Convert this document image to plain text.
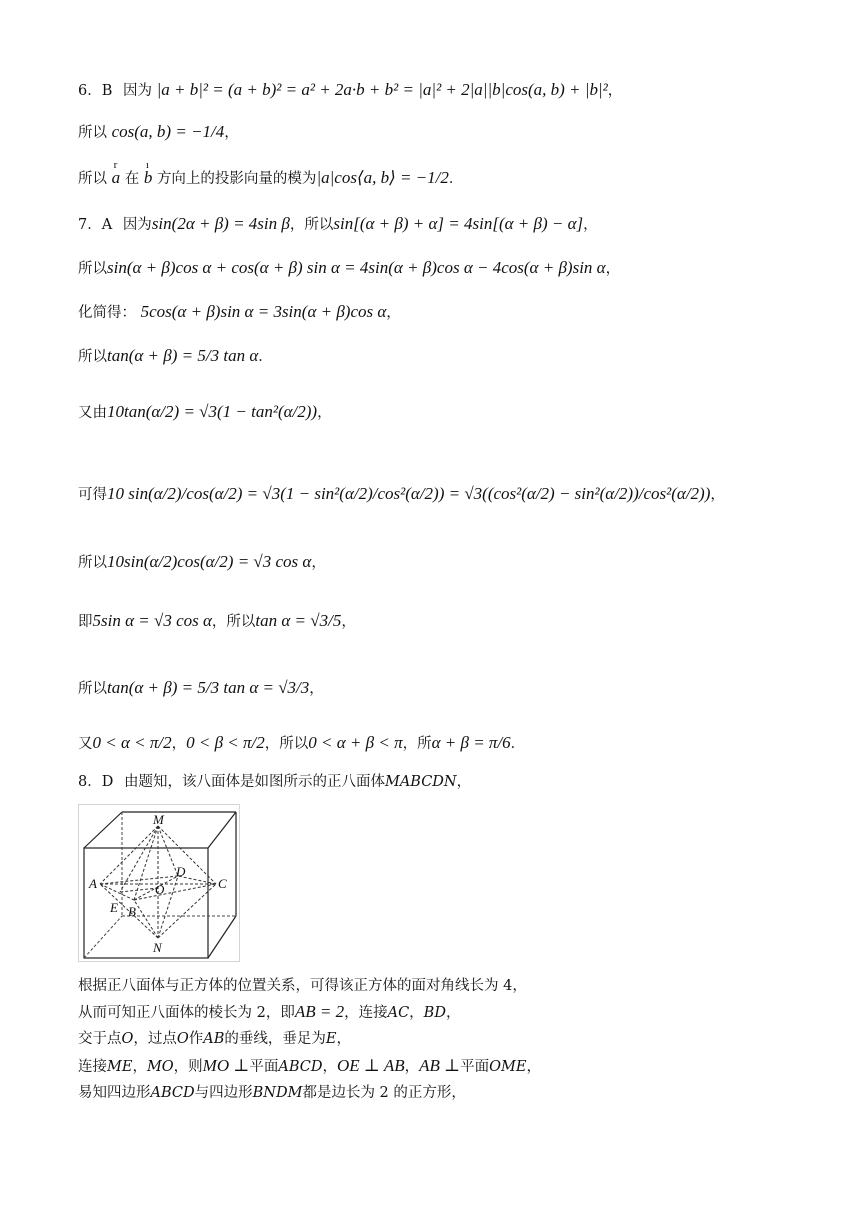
6．B 因为 |a + b|² = (a + b)² = a² + 2a·b + b² = |a|² + 2|a||b|cos(a, b) + |b|²，
所以 cos(a, b) = −1/4，
所以 r a 在 ı b 方向上的投影向量的模为|a|cos⟨a, b⟩ = −1/2．
7．A 因为sin(2α + β) = 4sin β，所以sin[(α + β) + α] = 4sin[(α + β) − α]，
所以sin(α + β)cos α + cos(α + β) sin α = 4sin(α + β)cos α − 4cos(α + β)sin α，
化简得： 5cos(α + β)sin α = 3sin(α + β)cos α，
所以tan(α + β) = 5/3 tan α．
又由10tan(α/2) = √3(1 − tan²(α/2))，
可得10 sin(α/2)/cos(α/2) = √3(1 − sin²(α/2)/cos²(α/2)) = √3((cos²(α/2) − sin²(α/2))/cos²(α/2))，
所以10sin(α/2)cos(α/2) = √3 cos α，
即5sin α = √3 cos α，所以tan α = √3/5，
所以tan(α + β) = 5/3 tan α = √3/3，
又0 < α < π/2，0 < β < π/2，所以0 < α + β < π，所α + β = π/6．
8．D 由题知，该八面体是如图所示的正八面体MABCDN，
M
A
D
C
O
E B
N
根据正八面体与正方体的位置关系，可得该正方体的面对角线长为 4，
从而可知正八面体的棱长为 2，即AB = 2，连接AC，BD，
交于点O，过点O作AB的垂线，垂足为E，
连接ME，MO，则MO ⊥平面ABCD，OE ⊥ AB，AB ⊥平面OME，
易知四边形ABCD与四边形BNDM都是边长为 2 的正方形，
